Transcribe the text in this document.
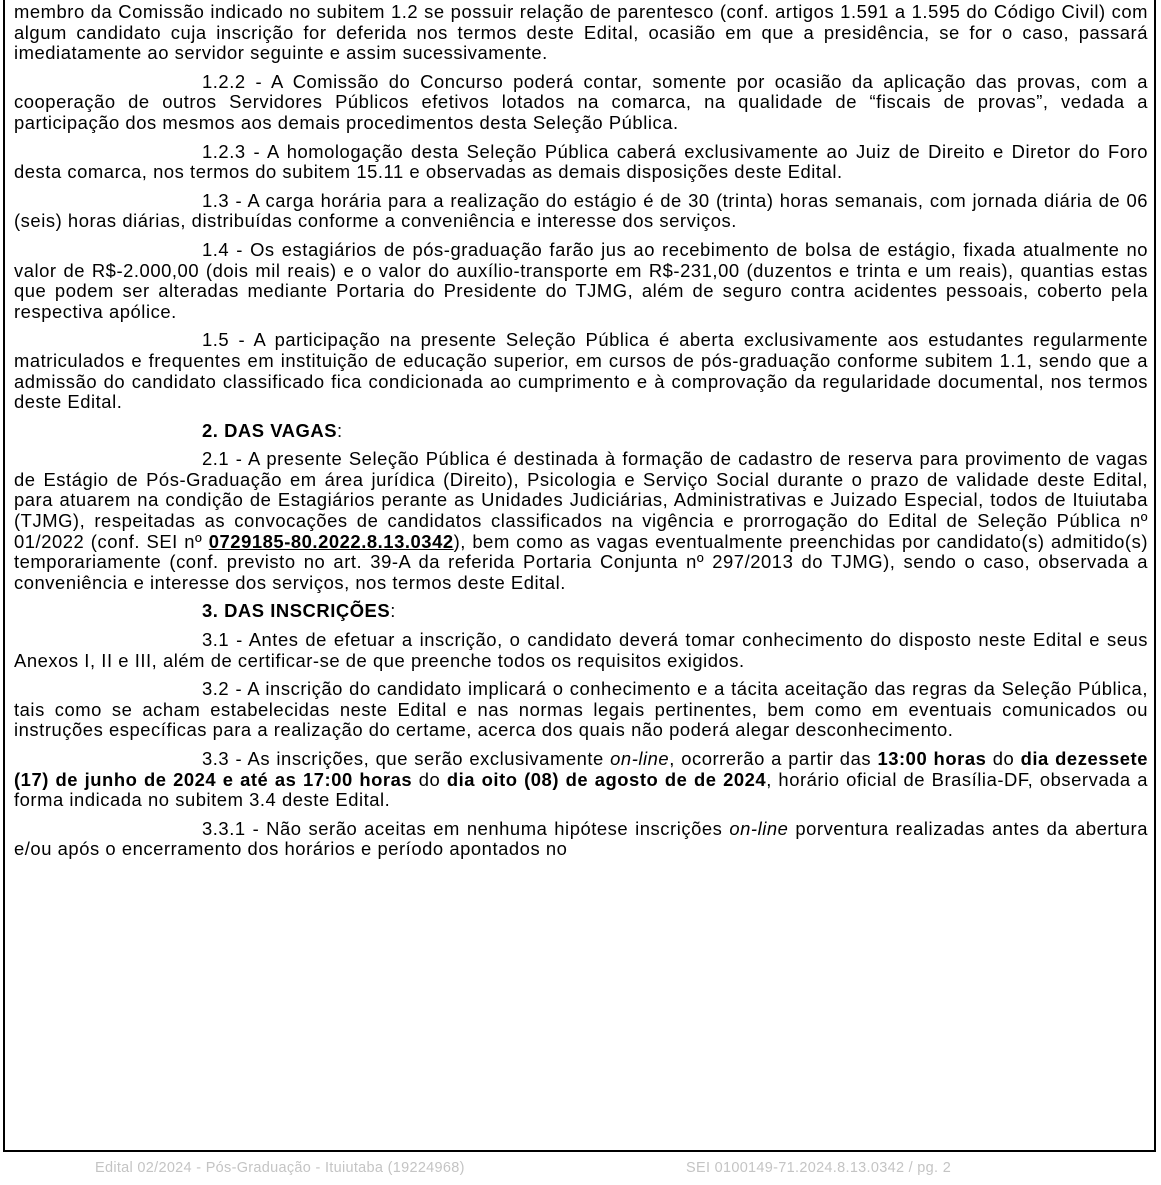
membro da Comissão indicado no subitem 1.2 se possuir relação de parentesco (conf. artigos 1.591 a 1.595 do Código Civil) com algum candidato cuja inscrição for deferida nos termos deste Edital, ocasião em que a presidência, se for o caso, passará imediatamente ao servidor seguinte e assim sucessivamente.

1.2.2 - A Comissão do Concurso poderá contar, somente por ocasião da aplicação das provas, com a cooperação de outros Servidores Públicos efetivos lotados na comarca, na qualidade de “fiscais de provas”, vedada a participação dos mesmos aos demais procedimentos desta Seleção Pública.

1.2.3 - A homologação desta Seleção Pública caberá exclusivamente ao Juiz de Direito e Diretor do Foro desta comarca, nos termos do subitem 15.11 e observadas as demais disposições deste Edital.

1.3 - A carga horária para a realização do estágio é de 30 (trinta) horas semanais, com jornada diária de 06 (seis) horas diárias, distribuídas conforme a conveniência e interesse dos serviços.

1.4 - Os estagiários de pós-graduação farão jus ao recebimento de bolsa de estágio, fixada atualmente no valor de R$-2.000,00 (dois mil reais) e o valor do auxílio-transporte em R$-231,00 (duzentos e trinta e um reais), quantias estas que podem ser alteradas mediante Portaria do Presidente do TJMG, além de seguro contra acidentes pessoais, coberto pela respectiva apólice.

1.5 - A participação na presente Seleção Pública é aberta exclusivamente aos estudantes regularmente matriculados e frequentes em instituição de educação superior, em cursos de pós-graduação conforme subitem 1.1, sendo que a admissão do candidato classificado fica condicionada ao cumprimento e à comprovação da regularidade documental, nos termos deste Edital.

2. DAS VAGAS:

2.1 - A presente Seleção Pública é destinada à formação de cadastro de reserva para provimento de vagas de Estágio de Pós-Graduação em área jurídica (Direito), Psicologia e Serviço Social durante o prazo de validade deste Edital, para atuarem na condição de Estagiários perante as Unidades Judiciárias, Administrativas e Juizado Especial, todos de Ituiutaba (TJMG), respeitadas as convocações de candidatos classificados na vigência e prorrogação do Edital de Seleção Pública nº 01/2022 (conf. SEI nº 0729185-80.2022.8.13.0342), bem como as vagas eventualmente preenchidas por candidato(s) admitido(s) temporariamente (conf. previsto no art. 39-A da referida Portaria Conjunta nº 297/2013 do TJMG), sendo o caso, observada a conveniência e interesse dos serviços, nos termos deste Edital.

3. DAS INSCRIÇÕES:

3.1 - Antes de efetuar a inscrição, o candidato deverá tomar conhecimento do disposto neste Edital e seus Anexos I, II e III, além de certificar-se de que preenche todos os requisitos exigidos.

3.2 - A inscrição do candidato implicará o conhecimento e a tácita aceitação das regras da Seleção Pública, tais como se acham estabelecidas neste Edital e nas normas legais pertinentes, bem como em eventuais comunicados ou instruções específicas para a realização do certame, acerca dos quais não poderá alegar desconhecimento.

3.3 - As inscrições, que serão exclusivamente on-line, ocorrerão a partir das 13:00 horas do dia dezessete (17) de junho de 2024 e até as 17:00 horas do dia oito (08) de agosto de de 2024, horário oficial de Brasília-DF, observada a forma indicada no subitem 3.4 deste Edital.

3.3.1 - Não serão aceitas em nenhuma hipótese inscrições on-line porventura realizadas antes da abertura e/ou após o encerramento dos horários e período apontados no

Edital 02/2024 - Pós-Graduação - Ituiutaba (19224968)	SEI 0100149-71.2024.8.13.0342 / pg. 2
